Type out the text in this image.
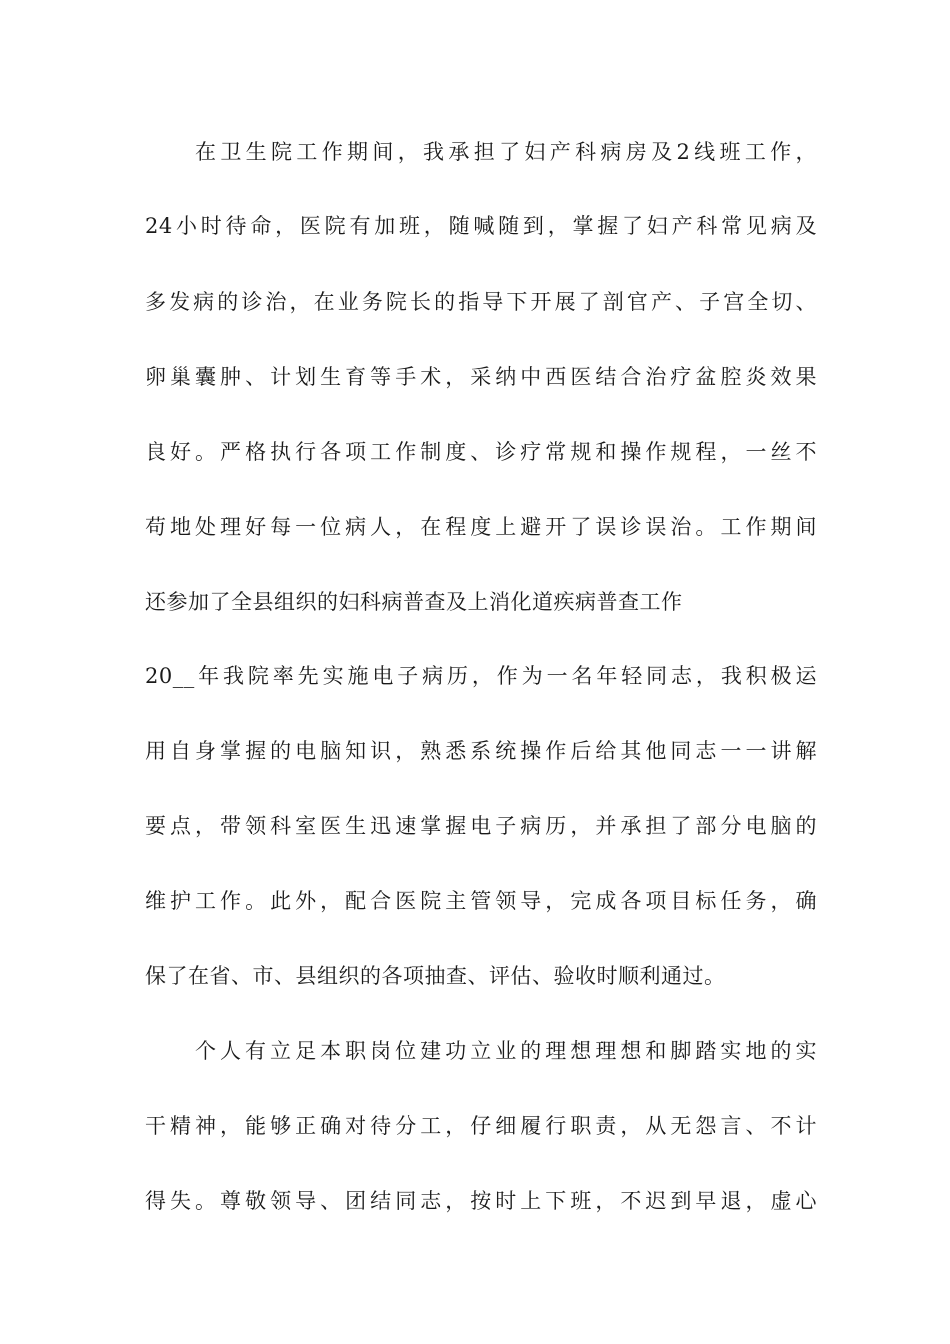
在卫生院工作期间，我承担了妇产科病房及2线班工作，
24小时待命，医院有加班，随喊随到，掌握了妇产科常见病及
多发病的诊治，在业务院长的指导下开展了剖官产、子宫全切、
卵巢囊肿、计划生育等手术，采纳中西医结合治疗盆腔炎效果
良好。严格执行各项工作制度、诊疗常规和操作规程，一丝不
苟地处理好每一位病人，在程度上避开了误诊误治。工作期间
还参加了全县组织的妇科病普查及上消化道疾病普查工作
20__年我院率先实施电子病历，作为一名年轻同志，我积极运
用自身掌握的电脑知识，熟悉系统操作后给其他同志一一讲解
要点，带领科室医生迅速掌握电子病历，并承担了部分电脑的
维护工作。此外，配合医院主管领导，完成各项目标任务，确
保了在省、市、县组织的各项抽查、评估、验收时顺利通过。
个人有立足本职岗位建功立业的理想理想和脚踏实地的实
干精神，能够正确对待分工，仔细履行职责，从无怨言、不计
得失。尊敬领导、团结同志，按时上下班，不迟到早退，虚心
